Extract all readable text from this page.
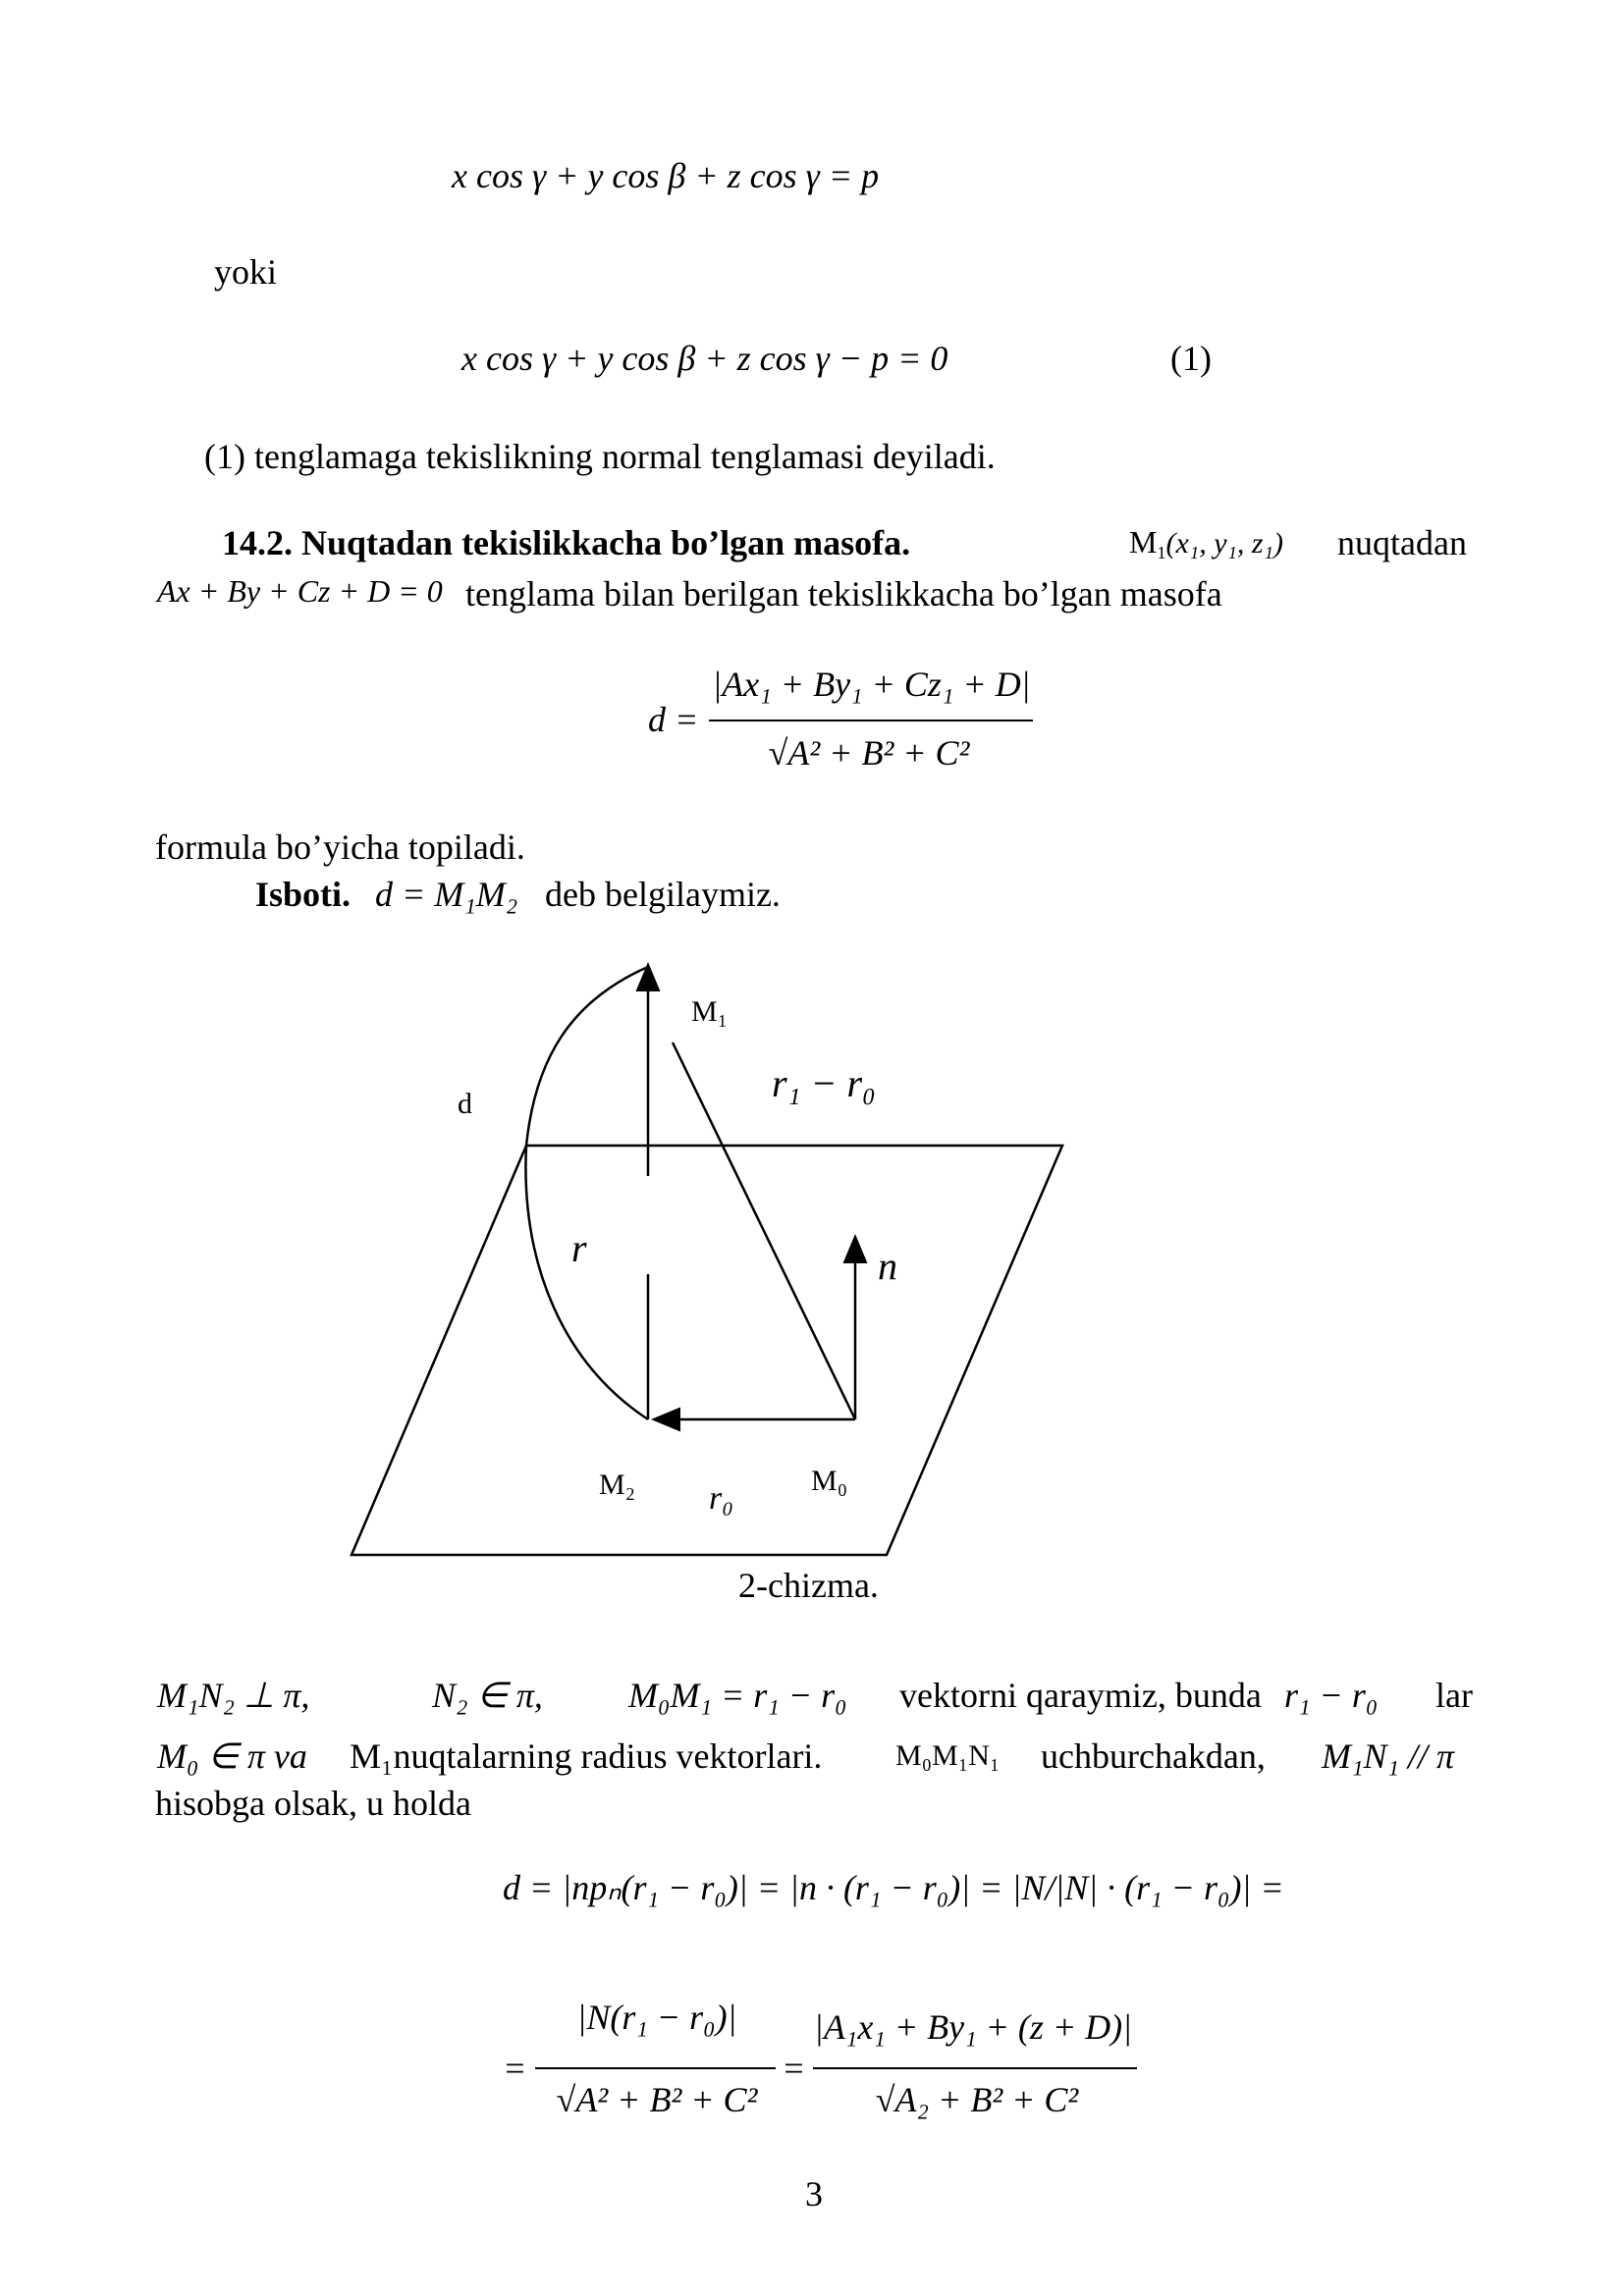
x cos γ + y cos β + z cos γ = p
yoki
x cos γ + y cos β + z cos γ − p = 0	(1)
(1) tenglamaga tekislikning normal tenglamasi deyiladi.
14.2. Nuqtadan tekislikkacha bo’lgan masofa.	$M_1(x_1$, y₁, z₁) nuqtadan
Ax + By + Cz + D = 0 tenglama bilan berilgan tekislikkacha bo’lgan masofa
d =
|Ax₁ + By₁ + Cz₁ + D|
√A² + B² + C²
formula bo’yicha topiladi.
Isboti. d = M₁M₂ deb belgilaymiz.
M₁
d	r₁ − r₀
r	n
M₂ r₀	M₀
2-chizma.
M₁N₂ ⊥ π,	N₂ ∈ π, M₀M₁ = r₁ − r₀ vektorni qaraymiz, bunda r₁ − r₀ lar
M₀ ∈ π va M₁nuqtalarning radius vektorlari. M₀M₁N₁ uchburchakdan, M₁N₁ // π
hisobga olsak, u holda
d = |npₙ(r₁ − r₀)| = |n · (r₁ − r₀)| = |N/|N| · (r₁ − r₀)| =
=
|N(r₁ − r₀)|
√A² + B² + C²
=
|A₁x₁ + By₁ + (z + D)|
√A₂ + B² + C²
3
